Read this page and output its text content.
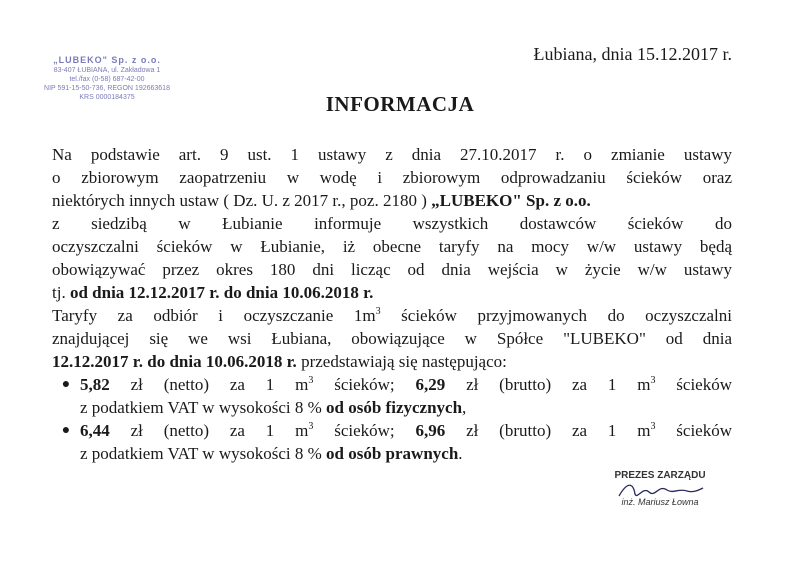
„LUBEKO" Sp. z o.o.
83-407 ŁUBIANA, ul. Zakładowa 1
tel./fax (0-58) 687-42-00
NIP 591-15-50-736, REGON 192663618
KRS 0000184375
Łubiana, dnia 15.12.2017 r.
INFORMACJA
Na podstawie art. 9 ust. 1 ustawy z dnia 27.10.2017 r. o zmianie ustawy
o zbiorowym zaopatrzeniu w wodę i zbiorowym odprowadzaniu ścieków oraz
niektórych innych ustaw ( Dz. U. z 2017 r., poz. 2180 ) „LUBEKO" Sp. z o.o.
z siedzibą w Łubianie informuje wszystkich dostawców ścieków do
oczyszczalni ścieków w Łubianie, iż obecne taryfy na mocy w/w ustawy będą
obowiązywać przez okres 180 dni licząc od dnia wejścia w życie w/w ustawy
tj. od dnia 12.12.2017 r. do dnia 10.06.2018 r.
Taryfy za odbiór i oczyszczanie $1m^3$ ścieków przyjmowanych do oczyszczalni
znajdującej się we wsi Łubiana, obowiązujące w Spółce "LUBEKO" od dnia
12.12.2017 r. do dnia 10.06.2018 r. przedstawiają się następująco:
● 5,82 zł (netto) za 1 $m^3$ ścieków; 6,29 zł (brutto) za 1 $m^3$ ścieków
z podatkiem VAT w wysokości 8 % od osób fizycznych,
● 6,44 zł (netto) za 1 $m^3$ ścieków; 6,96 zł (brutto) za 1 $m^3$ ścieków
z podatkiem VAT w wysokości 8 % od osób prawnych.
PREZES ZARZĄDU
inż. Mariusz Łowna
